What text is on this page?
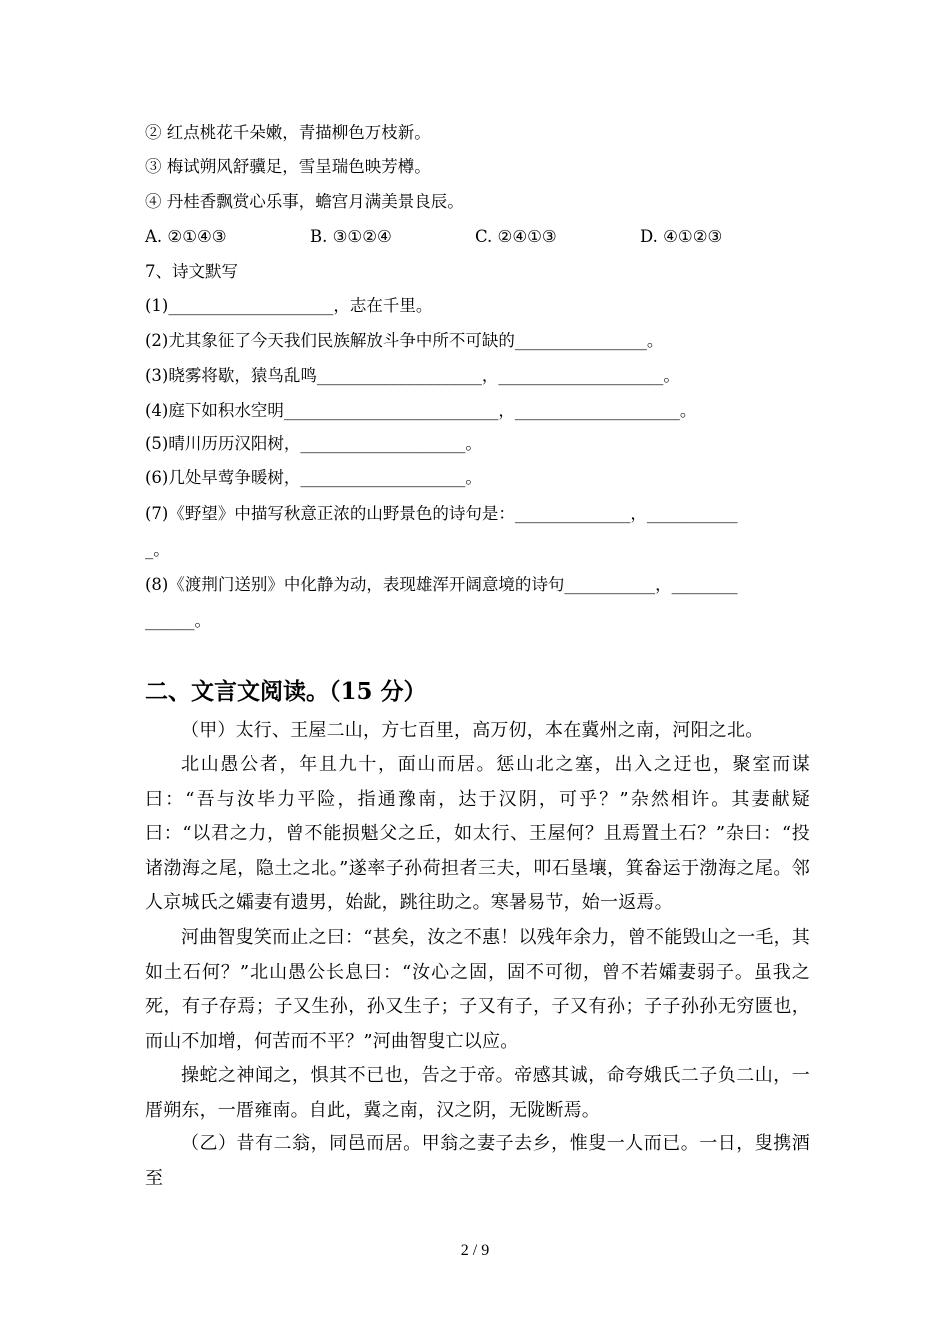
② 红点桃花千朵嫩，青描柳色万枝新。
③ 梅试朔风舒骥足，雪呈瑞色映芳樽。
④ 丹桂香飘赏心乐事，蟾宫月满美景良辰。
A. ②①④③	B. ③①②④	C. ②④①③	D. ④①②③
7、诗文默写
(1)____________________，志在千里。
(2)尤其象征了今天我们民族解放斗争中所不可缺的________________。
(3)晓雾将歇，猿鸟乱鸣____________________，____________________。
(4)庭下如积水空明__________________________，____________________。
(5)晴川历历汉阳树，____________________。
(6)几处早莺争暖树，____________________。
(7)《野望》中描写秋意正浓的山野景色的诗句是：______________，___________
_。
(8)《渡荆门送别》中化静为动，表现雄浑开阔意境的诗句___________，________
______。
二、文言文阅读。（15 分）
（甲）太行、王屋二山，方七百里，高万仞，本在冀州之南，河阳之北。
北山愚公者，年且九十，面山而居。惩山北之塞，出入之迂也，聚室而谋曰：“吾与汝毕力平险，指通豫南，达于汉阴，可乎？”杂然相许。其妻献疑曰：“以君之力，曾不能损魁父之丘，如太行、王屋何？且焉置土石？”杂曰：“投诸渤海之尾，隐土之北。”遂率子孙荷担者三夫，叩石垦壤，箕畚运于渤海之尾。邻人京城氏之孀妻有遗男，始龀，跳往助之。寒暑易节，始一返焉。
河曲智叟笑而止之曰：“甚矣，汝之不惠！以残年余力，曾不能毁山之一毛，其如土石何？”北山愚公长息曰：“汝心之固，固不可彻，曾不若孀妻弱子。虽我之死，有子存焉；子又生孙，孙又生子；子又有子，子又有孙；子子孙孙无穷匮也，而山不加增，何苦而不平？”河曲智叟亡以应。
操蛇之神闻之，惧其不已也，告之于帝。帝感其诚，命夸娥氏二子负二山，一厝朔东，一厝雍南。自此，冀之南，汉之阴，无陇断焉。
（乙）昔有二翁，同邑而居。甲翁之妻子去乡，惟叟一人而已。一日，叟携酒至
2 / 9
